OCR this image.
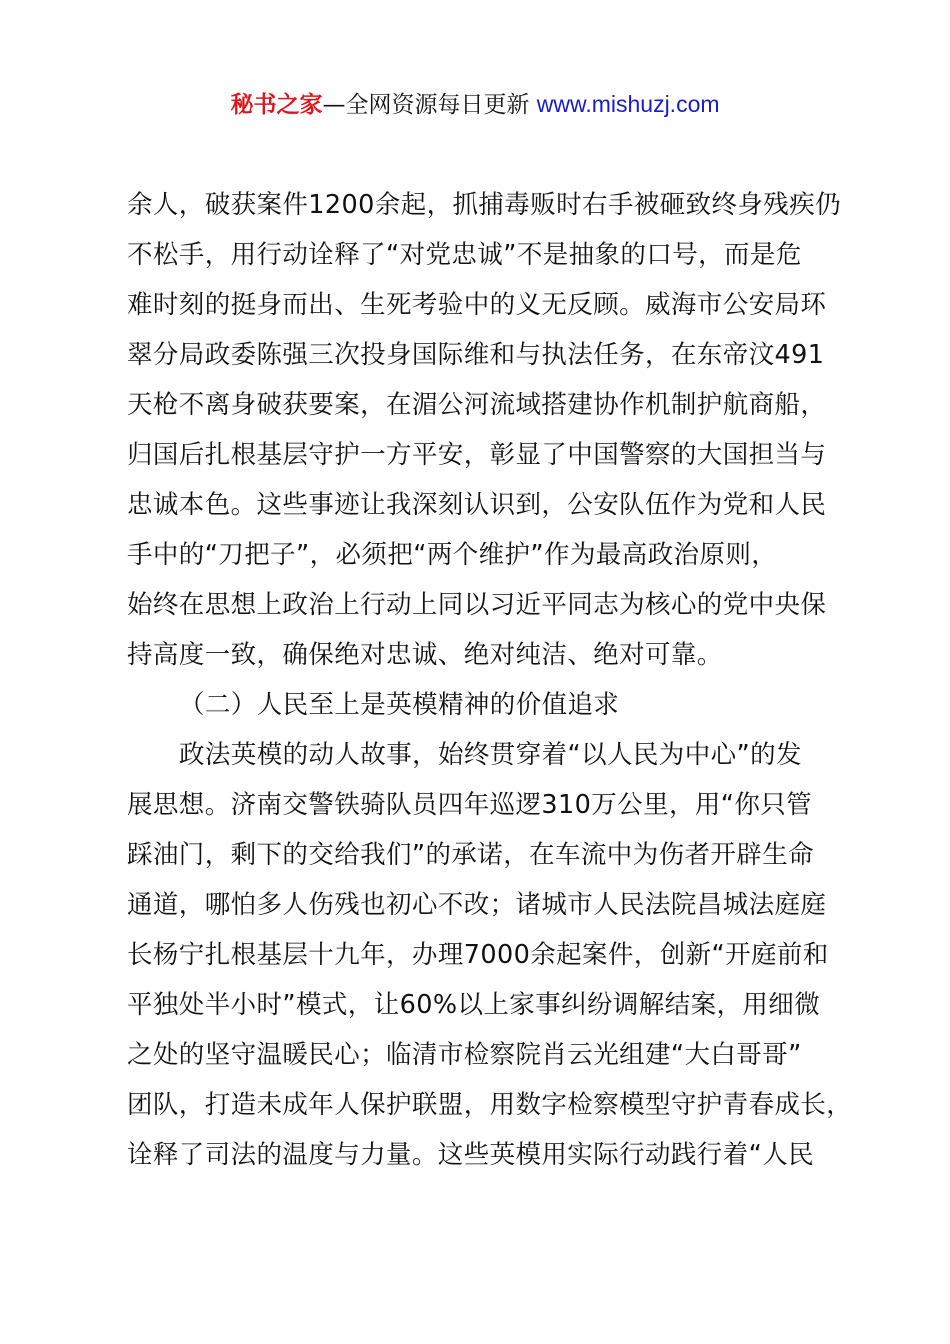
秘书之家—全网资源每日更新 www.mishuzj.com
余人，破获案件1200余起，抓捕毒贩时右手被砸致终身残疾仍
不松手，用行动诠释了“对党忠诚”不是抽象的口号，而是危
难时刻的挺身而出、生死考验中的义无反顾。威海市公安局环
翠分局政委陈强三次投身国际维和与执法任务，在东帝汶491
天枪不离身破获要案，在湄公河流域搭建协作机制护航商船，
归国后扎根基层守护一方平安，彰显了中国警察的大国担当与
忠诚本色。这些事迹让我深刻认识到，公安队伍作为党和人民
手中的“刀把子”，必须把“两个维护”作为最高政治原则，
始终在思想上政治上行动上同以习近平同志为核心的党中央保
持高度一致，确保绝对忠诚、绝对纯洁、绝对可靠。
（二）人民至上是英模精神的价值追求
政法英模的动人故事，始终贯穿着“以人民为中心”的发
展思想。济南交警铁骑队员四年巡逻310万公里，用“你只管
踩油门，剩下的交给我们”的承诺，在车流中为伤者开辟生命
通道，哪怕多人伤残也初心不改；诸城市人民法院昌城法庭庭
长杨宁扎根基层十九年，办理7000余起案件，创新“开庭前和
平独处半小时”模式，让60%以上家事纠纷调解结案，用细微
之处的坚守温暖民心；临清市检察院肖云光组建“大白哥哥”
团队，打造未成年人保护联盟，用数字检察模型守护青春成长，
诠释了司法的温度与力量。这些英模用实际行动践行着“人民
